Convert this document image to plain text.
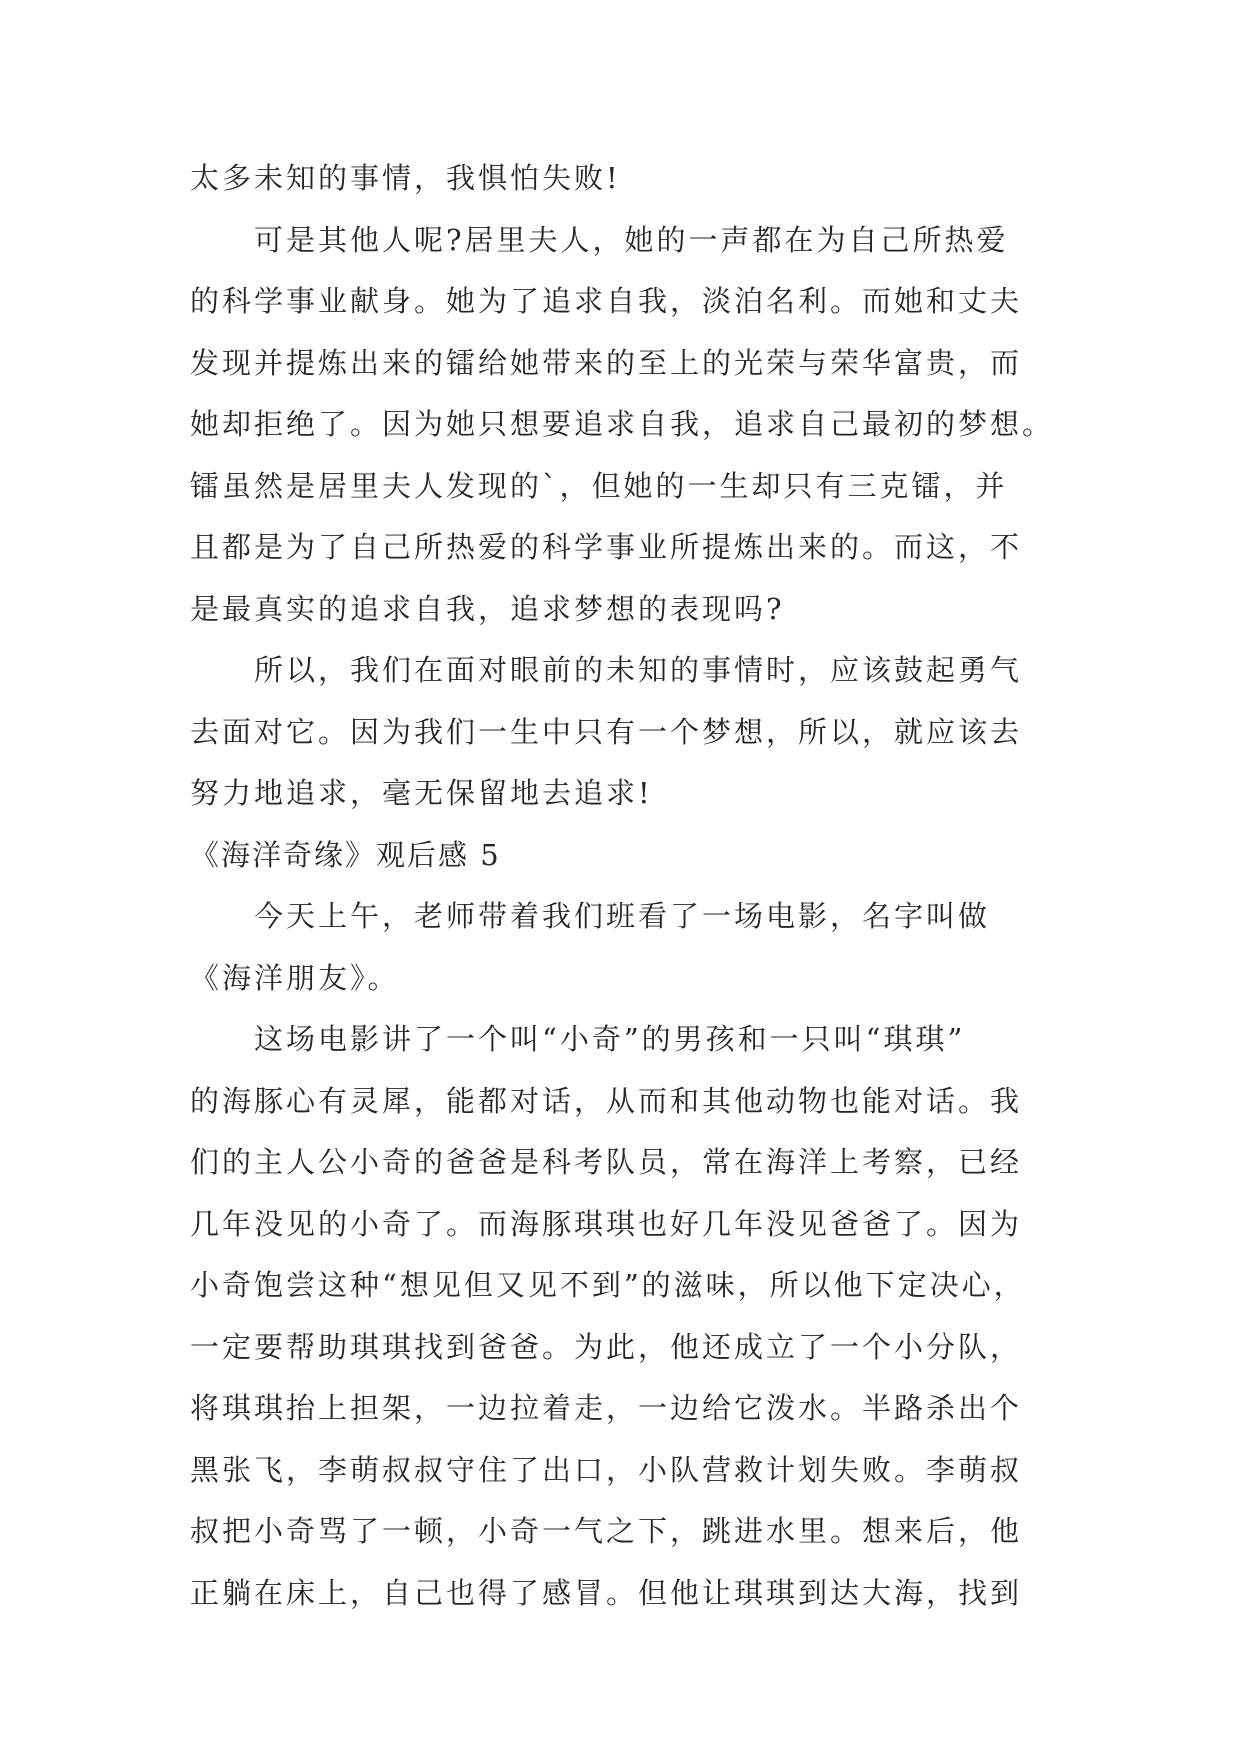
太多未知的事情，我惧怕失败!
可是其他人呢?居里夫人，她的一声都在为自己所热爱
的科学事业献身。她为了追求自我，淡泊名利。而她和丈夫
发现并提炼出来的镭给她带来的至上的光荣与荣华富贵，而
她却拒绝了。因为她只想要追求自我，追求自己最初的梦想。
镭虽然是居里夫人发现的`，但她的一生却只有三克镭，并
且都是为了自己所热爱的科学事业所提炼出来的。而这，不
是最真实的追求自我，追求梦想的表现吗?
所以，我们在面对眼前的未知的事情时，应该鼓起勇气
去面对它。因为我们一生中只有一个梦想，所以，就应该去
努力地追求，毫无保留地去追求!
《海洋奇缘》观后感 5
今天上午，老师带着我们班看了一场电影，名字叫做
《海洋朋友》。
这场电影讲了一个叫“小奇”的男孩和一只叫“琪琪”
的海豚心有灵犀，能都对话，从而和其他动物也能对话。我
们的主人公小奇的爸爸是科考队员，常在海洋上考察，已经
几年没见的小奇了。而海豚琪琪也好几年没见爸爸了。因为
小奇饱尝这种“想见但又见不到”的滋味，所以他下定决心，
一定要帮助琪琪找到爸爸。为此，他还成立了一个小分队，
将琪琪抬上担架，一边拉着走，一边给它泼水。半路杀出个
黑张飞，李萌叔叔守住了出口，小队营救计划失败。李萌叔
叔把小奇骂了一顿，小奇一气之下，跳进水里。想来后，他
正躺在床上，自己也得了感冒。但他让琪琪到达大海，找到
